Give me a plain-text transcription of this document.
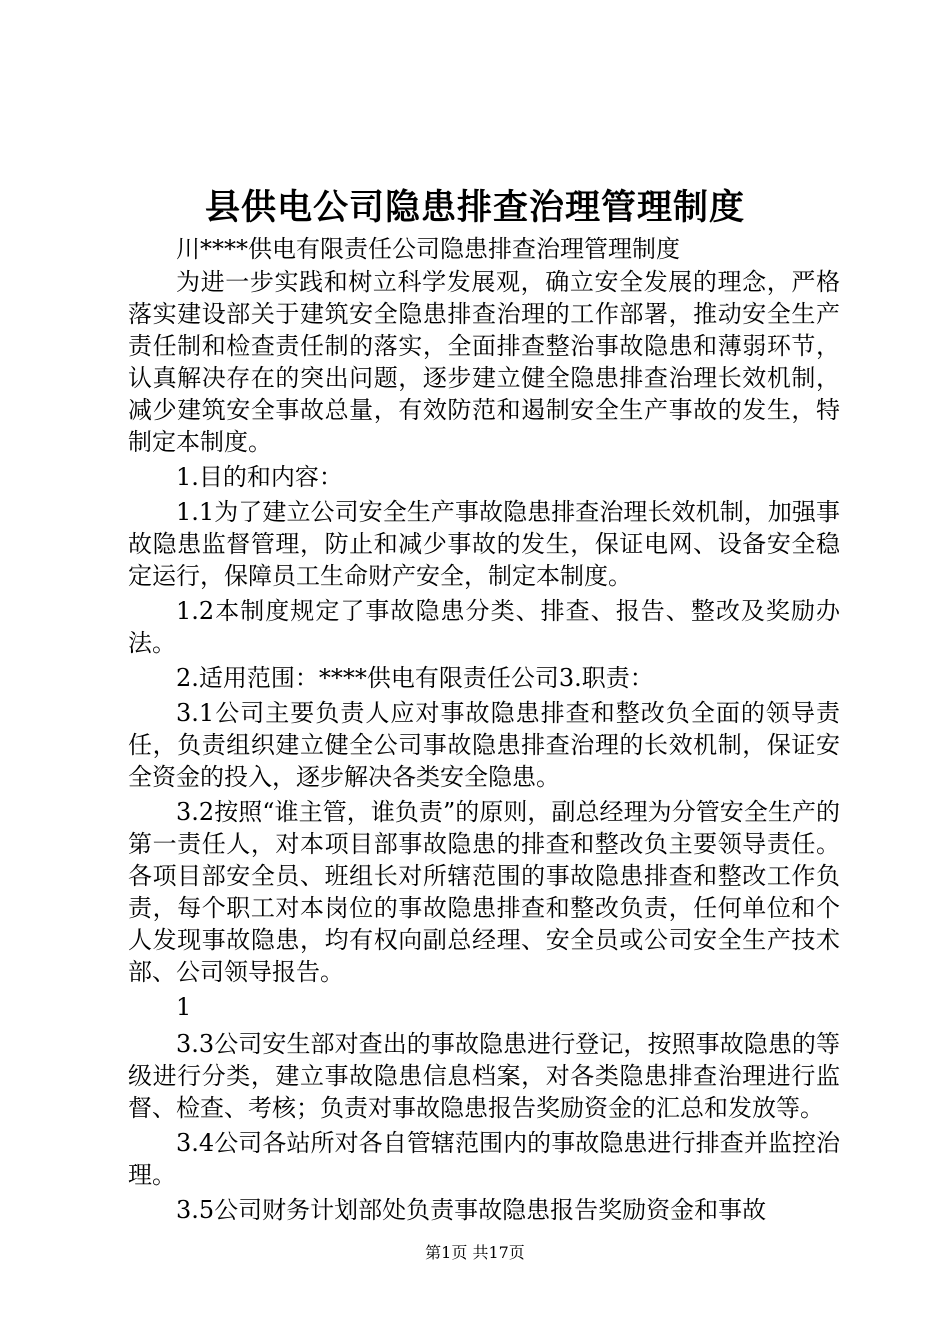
县供电公司隐患排查治理管理制度

川****供电有限责任公司隐患排查治理管理制度

为进一步实践和树立科学发展观，确立安全发展的理念，严格落实建设部关于建筑安全隐患排查治理的工作部署，推动安全生产责任制和检查责任制的落实，全面排查整治事故隐患和薄弱环节，认真解决存在的突出问题，逐步建立健全隐患排查治理长效机制，减少建筑安全事故总量，有效防范和遏制安全生产事故的发生，特制定本制度。

1.目的和内容：

1.1为了建立公司安全生产事故隐患排查治理长效机制，加强事故隐患监督管理，防止和减少事故的发生，保证电网、设备安全稳定运行，保障员工生命财产安全，制定本制度。

1.2本制度规定了事故隐患分类、排查、报告、整改及奖励办法。

2.适用范围：****供电有限责任公司3.职责：

3.1公司主要负责人应对事故隐患排查和整改负全面的领导责任，负责组织建立健全公司事故隐患排查治理的长效机制，保证安全资金的投入，逐步解决各类安全隐患。

3.2按照“谁主管，谁负责”的原则，副总经理为分管安全生产的第一责任人，对本项目部事故隐患的排查和整改负主要领导责任。各项目部安全员、班组长对所辖范围的事故隐患排查和整改工作负责，每个职工对本岗位的事故隐患排查和整改负责，任何单位和个人发现事故隐患，均有权向副总经理、安全员或公司安全生产技术部、公司领导报告。

1

3.3公司安生部对查出的事故隐患进行登记，按照事故隐患的等级进行分类，建立事故隐患信息档案，对各类隐患排查治理进行监督、检查、考核；负责对事故隐患报告奖励资金的汇总和发放等。

3.4公司各站所对各自管辖范围内的事故隐患进行排查并监控治理。

3.5公司财务计划部处负责事故隐患报告奖励资金和事故

第1页 共17页
